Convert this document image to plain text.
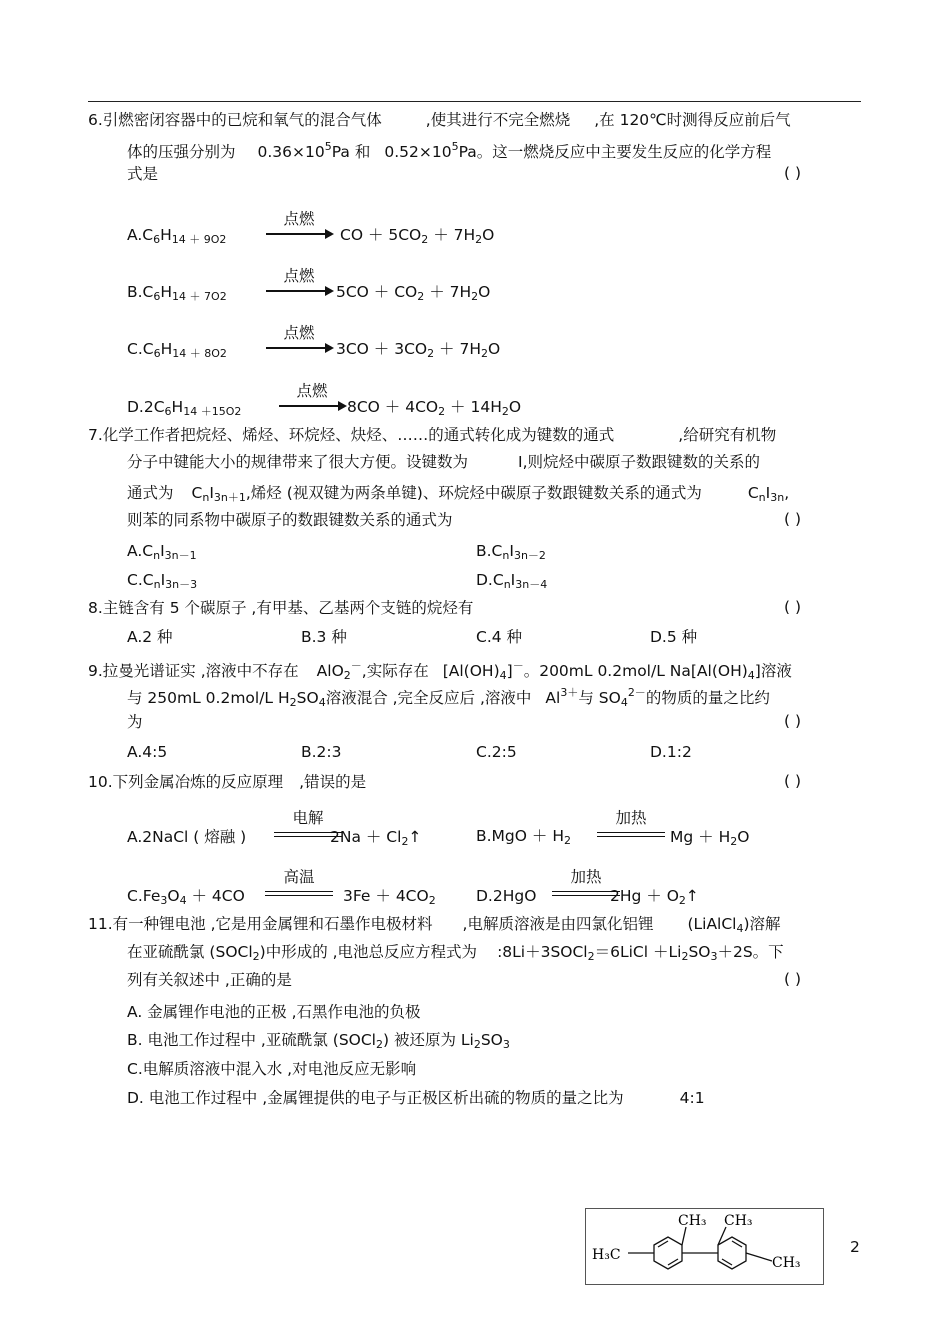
6.引燃密闭容器中的已烷和氧气的混合气体	,使其进行不完全燃烧 ,在 120℃时测得反应前后气
体的压强分别为 $0.36\times 10^5Pa$ 和 $0.52\times 10^5Pa$。这一燃烧反应中主要发生反应的化学方程
式是	( )
$A.C_6H_{14 + 9O2}$
点燃
CO ＋ $5CO_2 + 7H_2O$
$B.C_6H_{14 + 7O2}$
点燃
$5CO + CO_2 + 7H_2O$
$C.C_6H_{14 + 8O2}$
点燃
$3CO + 3CO_2 + 7H_2O$
$D.2C_6H_{14 +15O2}$
点燃
$8CO + 4CO_2 + 14H_2O$
7.化学工作者把烷烃、烯烃、环烷烃、炔烃、……的通式转化成为键数的通式	,给研究有机物
分子中键能大小的规律带来了很大方便。设键数为	I,则烷烃中碳原子数跟键数的关系的
通式为 $C_nI_{3n+1}$,烯烃 (视双键为两条单键)、环烷烃中碳原子数跟键数关系的通式为	$C_nI_{3n}$,
则苯的同系物中碳原子的数跟键数关系的通式为	( )
$A.C_nI_{3n-1}$	$B.C_nI_{3n-2}$
$C.C_nI_{3n-3}$	$D.C_nI_{3n-4}$
8.主链含有 5 个碳原子 ,有甲基、乙基两个支链的烷烃有	( )
A.2 种	B.3 种	C.4 种	D.5 种
9.拉曼光谱证实 ,溶液中不存在 AlO$_2$－,实际存在 $[Al(OH)_4]^-$。200mL 0.2mol/L $Na[Al(OH)_4]$溶液
与 250mL 0.2mol/L $H_2SO_4$溶液混合 ,完全反应后 ,溶液中 $Al^{3+}$与 $SO_4^{2-}$的物质的量之比约
为	( )
A.4:5	B.2:3	C.2:5	D.1:2
10.下列金属冶炼的反应原理 ,错误的是	( )
A.2NaCl ( 熔融 )
电解
$2Na + Cl_2↑$	$B.MgO + H_2$
加热
$Mg + H_2O$
$C.Fe_3O_4 + 4CO$
高温
$3Fe + 4CO_2$	D.2HgO
加热
$2Hg + O_2↑$
11.有一种锂电池 ,它是用金属锂和石墨作电极材料 ,电解质溶液是由四氯化铝锂 (LiAlCl$_4$)溶解
在亚硫酰氯 (SOCl$_2$)中形成的 ,电池总反应方程式为 :8Li＋3SOCl$_2$＝6LiCl $+Li_2SO_3+2S$。下
列有关叙述中 ,正确的是	( )
A. 金属锂作电池的正极 ,石黑作电池的负极
B. 电池工作过程中 ,亚硫酰氯 (SOCl$_2$) 被还原为 $Li_2SO_3$
C.电解质溶液中混入水 ,对电池反应无影响
D. 电池工作过程中 ,金属锂提供的电子与正极区析出硫的物质的量之比为	4:1
CH₃ CH₃
H₃C	CH₃
2
